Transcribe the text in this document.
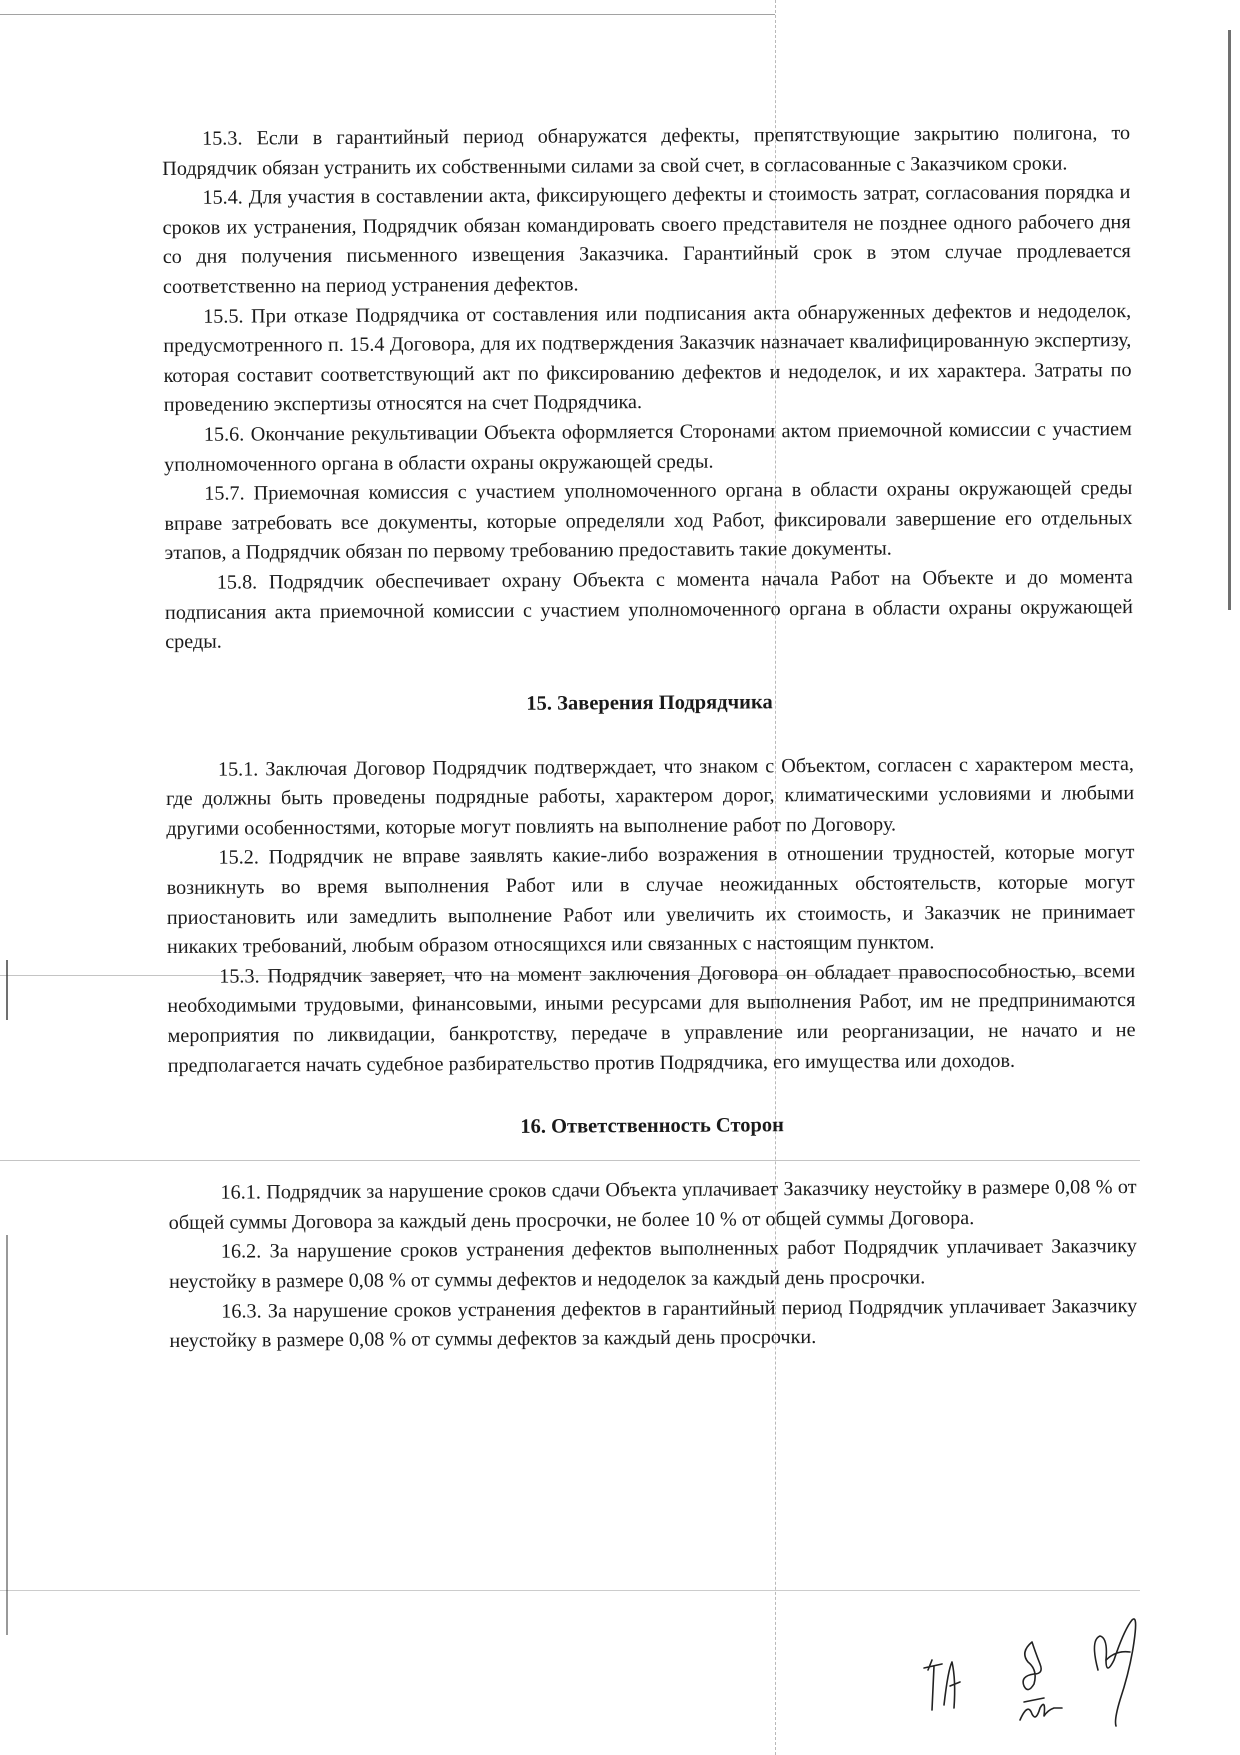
15.3. Если в гарантийный период обнаружатся дефекты, препятствующие закрытию полигона, то Подрядчик обязан устранить их собственными силами за свой счет, в согласованные с Заказчиком сроки.

15.4. Для участия в составлении акта, фиксирующего дефекты и стоимость затрат, согласования порядка и сроков их устранения, Подрядчик обязан командировать своего представителя не позднее одного рабочего дня со дня получения письменного извещения Заказчика. Гарантийный срок в этом случае продлевается соответственно на период устранения дефектов.

15.5. При отказе Подрядчика от составления или подписания акта обнаруженных дефектов и недоделок, предусмотренного п. 15.4 Договора, для их подтверждения Заказчик назначает квалифицированную экспертизу, которая составит соответствующий акт по фиксированию дефектов и недоделок, и их характера. Затраты по проведению экспертизы относятся на счет Подрядчика.

15.6. Окончание рекультивации Объекта оформляется Сторонами актом приемочной комиссии с участием уполномоченного органа в области охраны окружающей среды.

15.7. Приемочная комиссия с участием уполномоченного органа в области охраны окружающей среды вправе затребовать все документы, которые определяли ход Работ, фиксировали завершение его отдельных этапов, а Подрядчик обязан по первому требованию предоставить такие документы.

15.8. Подрядчик обеспечивает охрану Объекта с момента начала Работ на Объекте и до момента подписания акта приемочной комиссии с участием уполномоченного органа в области охраны окружающей среды.

15. Заверения Подрядчика

15.1. Заключая Договор Подрядчик подтверждает, что знаком с Объектом, согласен с характером места, где должны быть проведены подрядные работы, характером дорог, климатическими условиями и любыми другими особенностями, которые могут повлиять на выполнение работ по Договору.

15.2. Подрядчик не вправе заявлять какие-либо возражения в отношении трудностей, которые могут возникнуть во время выполнения Работ или в случае неожиданных обстоятельств, которые могут приостановить или замедлить выполнение Работ или увеличить их стоимость, и Заказчик не принимает никаких требований, любым образом относящихся или связанных с настоящим пунктом.

15.3. Подрядчик заверяет, что на момент заключения Договора он обладает правоспособностью, всеми необходимыми трудовыми, финансовыми, иными ресурсами для выполнения Работ, им не предпринимаются мероприятия по ликвидации, банкротству, передаче в управление или реорганизации, не начато и не предполагается начать судебное разбирательство против Подрядчика, его имущества или доходов.

16. Ответственность Сторон

16.1. Подрядчик за нарушение сроков сдачи Объекта уплачивает Заказчику неустойку в размере 0,08 % от общей суммы Договора за каждый день просрочки, не более 10 % от общей суммы Договора.

16.2. За нарушение сроков устранения дефектов выполненных работ Подрядчик уплачивает Заказчику неустойку в размере 0,08 % от суммы дефектов и недоделок за каждый день просрочки.

16.3. За нарушение сроков устранения дефектов в гарантийный период Подрядчик уплачивает Заказчику неустойку в размере 0,08 % от суммы дефектов за каждый день просрочки.
